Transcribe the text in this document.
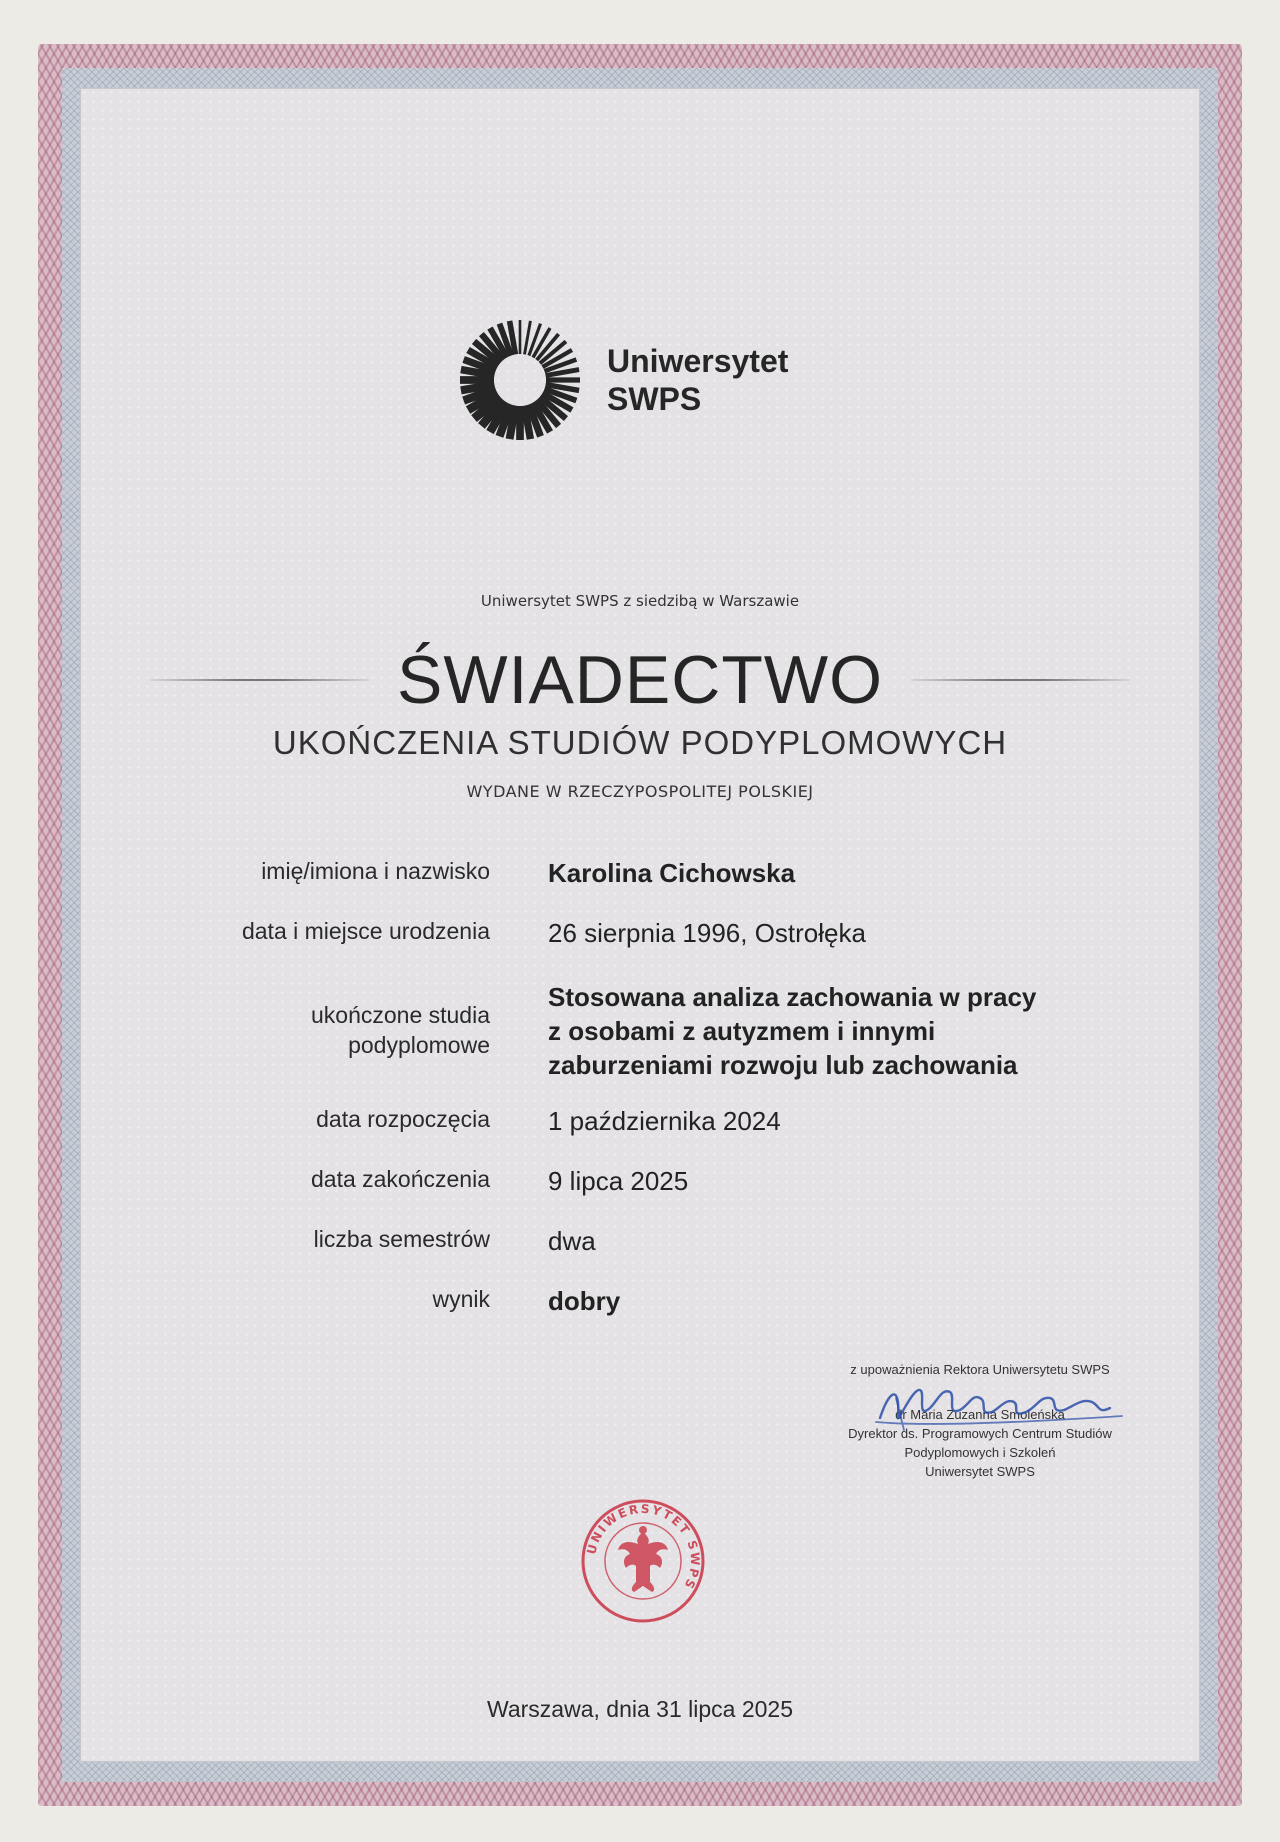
Uniwersytet
SWPS
Uniwersytet SWPS z siedzibą w Warszawie
ŚWIADECTWO
UKOŃCZENIA STUDIÓW PODYPLOMOWYCH
WYDANE W RZECZYPOSPOLITEJ POLSKIEJ
imię/imiona i nazwisko Karolina Cichowska
data i miejsce urodzenia 26 sierpnia 1996, Ostrołęka
ukończone studia
podyplomowe
Stosowana analiza zachowania w pracy
z osobami z autyzmem i innymi
zaburzeniami rozwoju lub zachowania
data rozpoczęcia 1 października 2024
data zakończenia 9 lipca 2025
liczba semestrów dwa
wynik dobry
z upoważnienia Rektora Uniwersytetu SWPS
dr Maria Zuzanna Smoleńska
Dyrektor ds. Programowych Centrum Studiów
Podyplomowych i Szkoleń
Uniwersytet SWPS
UNIWERSYTET SWPS
Warszawa, dnia 31 lipca 2025
